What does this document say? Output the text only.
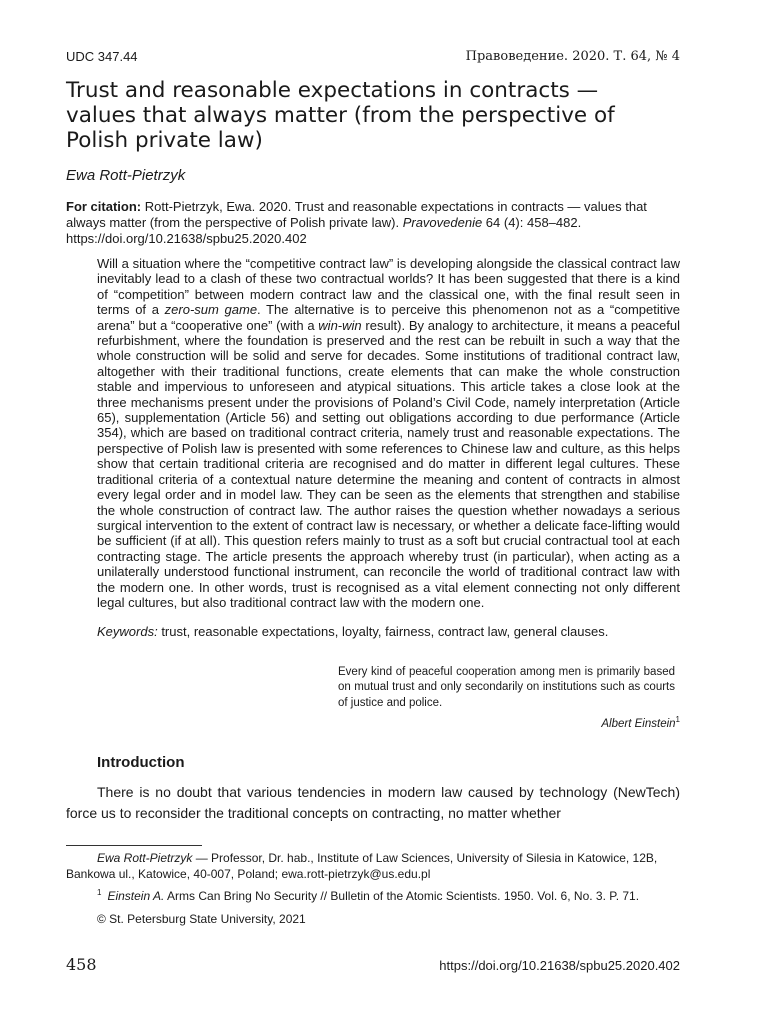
UDC 347.44	Правоведение. 2020. Т. 64, № 4
Trust and reasonable expectations in contracts — values that always matter (from the perspective of Polish private law)
Ewa Rott-Pietrzyk
For citation: Rott-Pietrzyk, Ewa. 2020. Trust and reasonable expectations in contracts — values that always matter (from the perspective of Polish private law). Pravovedenie 64 (4): 458–482. https://doi.org/10.21638/spbu25.2020.402
Will a situation where the “competitive contract law” is developing alongside the classical contract law inevitably lead to a clash of these two contractual worlds? It has been suggested that there is a kind of “competition” between modern contract law and the classical one, with the final result seen in terms of a zero-sum game. The alternative is to perceive this phenomenon not as a “competitive arena” but a “cooperative one” (with a win-win result). By analogy to architecture, it means a peaceful refurbishment, where the foundation is preserved and the rest can be rebuilt in such a way that the whole construction will be solid and serve for decades. Some institutions of traditional contract law, altogether with their traditional functions, create elements that can make the whole construction stable and impervious to unforeseen and atypical situations. This article takes a close look at the three mechanisms present under the provisions of Poland’s Civil Code, namely interpretation (Article 65), supplementation (Article 56) and setting out obligations according to due performance (Article 354), which are based on traditional contract criteria, namely trust and reasonable expectations. The perspective of Polish law is presented with some references to Chinese law and culture, as this helps show that certain traditional criteria are recognised and do matter in different legal cultures. These traditional criteria of a contextual nature determine the meaning and content of contracts in almost every legal order and in model law. They can be seen as the elements that strengthen and stabilise the whole construction of contract law. The author raises the question whether nowadays a serious surgical intervention to the extent of contract law is necessary, or whether a delicate face-lifting would be sufficient (if at all). This question refers mainly to trust as a soft but crucial contractual tool at each contracting stage. The article presents the approach whereby trust (in particular), when acting as a unilaterally understood functional instrument, can reconcile the world of traditional contract law with the modern one. In other words, trust is recognised as a vital element connecting not only different legal cultures, but also traditional contract law with the modern one.
Keywords: trust, reasonable expectations, loyalty, fairness, contract law, general clauses.
Every kind of peaceful cooperation among men is primarily based on mutual trust and only secondarily on institutions such as courts of justice and police.
Albert Einstein$^1$
Introduction
There is no doubt that various tendencies in modern law caused by technology (NewTech) force us to reconsider the traditional concepts on contracting, no matter whether
Ewa Rott-Pietrzyk — Professor, Dr. hab., Institute of Law Sciences, University of Silesia in Katowice, 12B, Bankowa ul., Katowice, 40-007, Poland; ewa.rott-pietrzyk@us.edu.pl
$^1$ Einstein A. Arms Can Bring No Security // Bulletin of the Atomic Scientists. 1950. Vol. 6, No. 3. P. 71.
© St. Petersburg State University, 2021
458	https://doi.org/10.21638/spbu25.2020.402
